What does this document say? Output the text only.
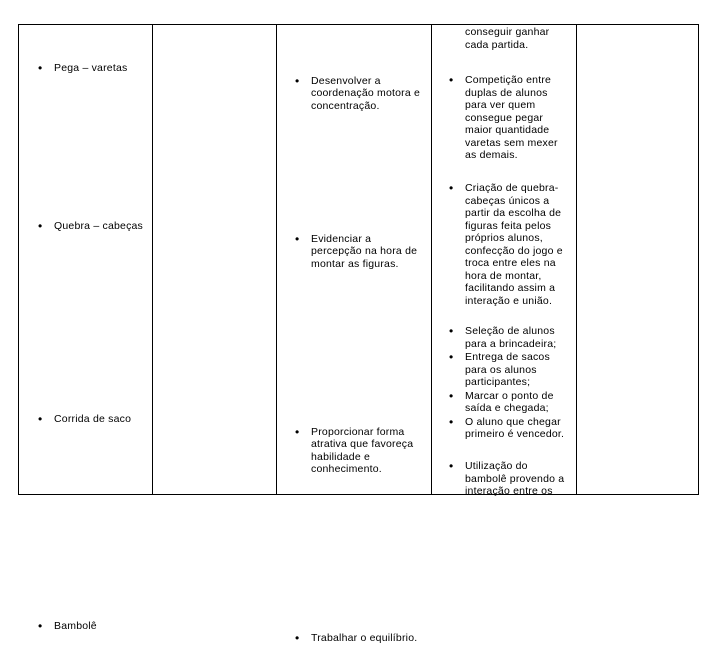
conseguir ganhar
cada partida.
• Pega – varetas
• Desenvolver a
coordenação motora e
concentração.
• Competição entre
duplas de alunos
para ver quem
consegue pegar
maior quantidade
varetas sem mexer
as demais.
• Quebra – cabeças
• Evidenciar a
percepção na hora de
montar as figuras.
• Criação de quebra-
cabeças únicos a
partir da escolha de
figuras feita pelos
próprios alunos,
confecção do jogo e
troca entre eles na
hora de montar,
facilitando assim a
interação e união.
• Corrida de saco
• Proporcionar forma
atrativa que favoreça
habilidade e
conhecimento.
• Seleção de alunos
para a brincadeira;
• Entrega de sacos
para os alunos
participantes;
• Marcar o ponto de
saída e chegada;
• O aluno que chegar
primeiro é vencedor.
• Bambolê
• Trabalhar o equilíbrio.
• Utilização do
bambolê provendo a
interação entre os
